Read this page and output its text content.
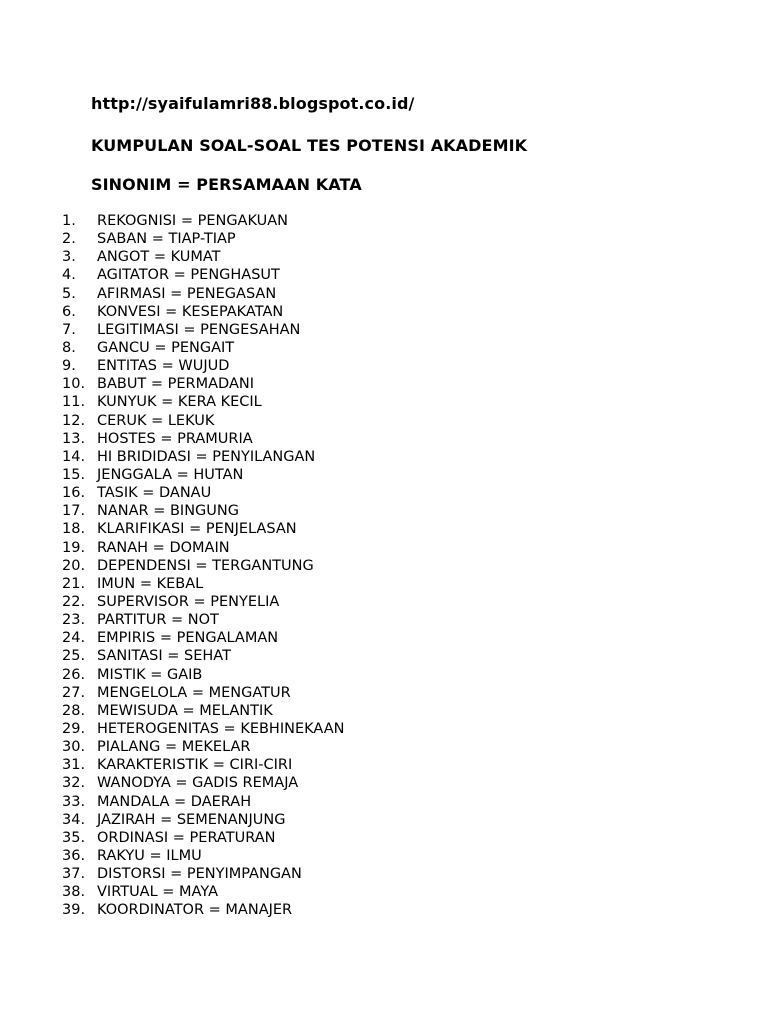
http://syaifulamri88.blogspot.co.id/
KUMPULAN SOAL-SOAL TES POTENSI AKADEMIK
SINONIM = PERSAMAAN KATA
1. REKOGNISI = PENGAKUAN
2. SABAN = TIAP-TIAP
3. ANGOT = KUMAT
4. AGITATOR = PENGHASUT
5. AFIRMASI = PENEGASAN
6. KONVESI = KESEPAKATAN
7. LEGITIMASI = PENGESAHAN
8. GANCU = PENGAIT
9. ENTITAS = WUJUD
10. BABUT = PERMADANI
11. KUNYUK = KERA KECIL
12. CERUK = LEKUK
13. HOSTES = PRAMURIA
14. HI BRIDIDASI = PENYILANGAN
15. JENGGALA = HUTAN
16. TASIK = DANAU
17. NANAR = BINGUNG
18. KLARIFIKASI = PENJELASAN
19. RANAH = DOMAIN
20. DEPENDENSI = TERGANTUNG
21. IMUN = KEBAL
22. SUPERVISOR = PENYELIA
23. PARTITUR = NOT
24. EMPIRIS = PENGALAMAN
25. SANITASI = SEHAT
26. MISTIK = GAIB
27. MENGELOLA = MENGATUR
28. MEWISUDA = MELANTIK
29. HETEROGENITAS = KEBHINEKAAN
30. PIALANG = MEKELAR
31. KARAKTERISTIK = CIRI-CIRI
32. WANODYA = GADIS REMAJA
33. MANDALA = DAERAH
34. JAZIRAH = SEMENANJUNG
35. ORDINASI = PERATURAN
36. RAKYU = ILMU
37. DISTORSI = PENYIMPANGAN
38. VIRTUAL = MAYA
39. KOORDINATOR = MANAJER
